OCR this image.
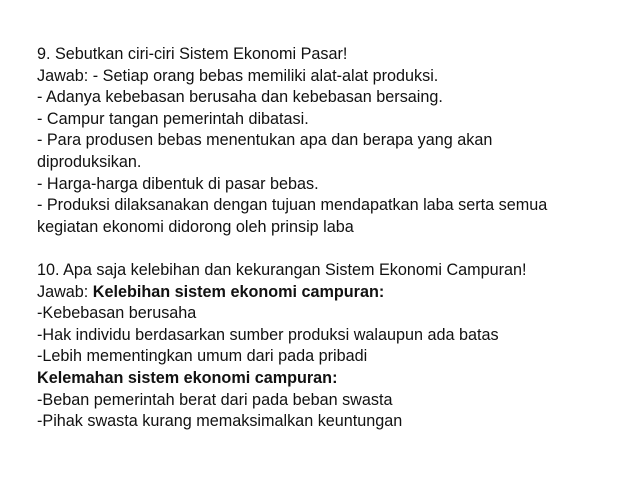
9. Sebutkan ciri-ciri Sistem Ekonomi Pasar!

Jawab: - Setiap orang bebas memiliki alat-alat produksi.

- Adanya kebebasan berusaha dan kebebasan bersaing.

- Campur tangan pemerintah dibatasi.

- Para produsen bebas menentukan apa dan berapa yang akan

diproduksikan.

- Harga-harga dibentuk di pasar bebas.

- Produksi dilaksanakan dengan tujuan mendapatkan laba serta semua

kegiatan ekonomi didorong oleh prinsip laba

10. Apa saja kelebihan dan kekurangan Sistem Ekonomi Campuran!

Jawab: Kelebihan sistem ekonomi campuran:

-Kebebasan berusaha

-Hak individu berdasarkan sumber produksi walaupun ada batas

-Lebih mementingkan umum dari pada pribadi

Kelemahan sistem ekonomi campuran:

-Beban pemerintah berat dari pada beban swasta

-Pihak swasta kurang memaksimalkan keuntungan
